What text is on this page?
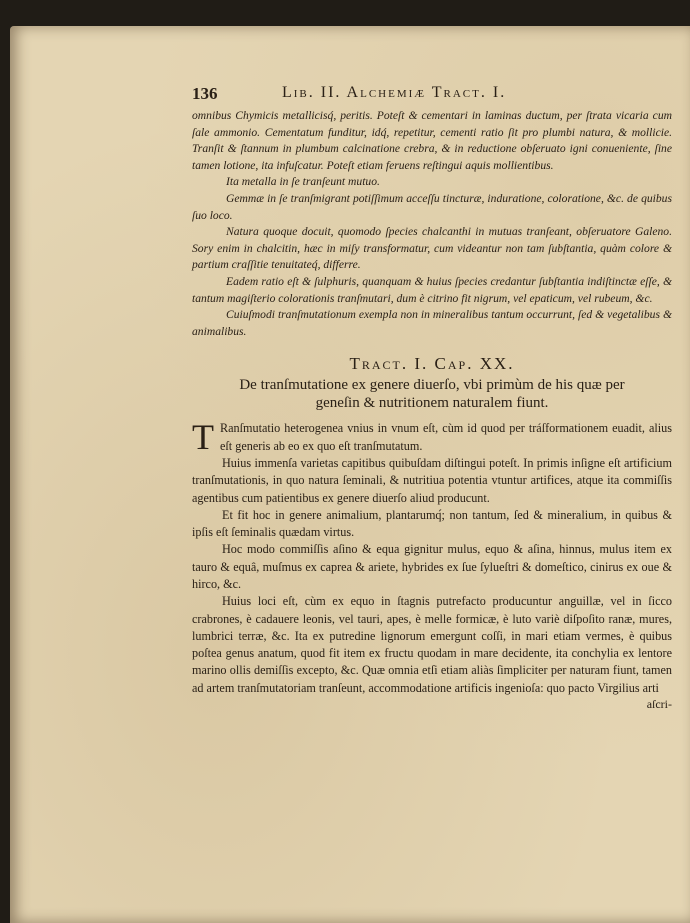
136	Lib. II. Alchemiæ Tract. I.

omnibus Chymicis metallicisq́, peritis. Poteſt & cementari in laminas ductum, per ſtrata vicaria cum ſale ammonio. Cementatum funditur, idq́, repetitur, cementi ratio ſit pro plumbi natura, & mollicie. Tranſit & ſtannum in plumbum calcinatione crebra, & in reductione obſeruato igni conueniente, ſine tamen lotione, ita infuſcatur. Poteſt etiam feruens reſtingui aquis mollientibus.

Ita metalla in ſe tranſeunt mutuo.

Gemmæ in ſe tranſmigrant potiſſimum acceſſu tincturæ, induratione, coloratione, &c. de quibus ſuo loco.

Natura quoque docuit, quomodo ſpecies chalcanthi in mutuas tranſeant, obſeruatore Galeno. Sory enim in chalcitin, hæc in miſy transformatur, cum videantur non tam ſubſtantia, quàm colore & partium craſſitie tenuitateq́, differre.

Eadem ratio eſt & ſulphuris, quanquam & huius ſpecies credantur ſubſtantia indiſtinctæ eſſe, & tantum magiſterio colorationis tranſmutari, dum è citrino fit nigrum, vel epaticum, vel rubeum, &c.

Cuiuſmodi tranſmutationum exempla non in mineralibus tantum occurrunt, ſed & vegetalibus & animalibus.

Tract. I. Cap. XX.
De tranſmutatione ex genere diuerſo, vbi primùm de his quæ per geneſin & nutritionem naturalem fiunt.

T Ranſmutatio heterogenea vnius in vnum eſt, cùm id quod per tráſformationem euadit, alius eſt generis ab eo ex quo eſt tranſmutatum.

Huius immenſa varietas capitibus quibuſdam diſtingui poteſt. In primis inſigne eſt artificium tranſmutationis, in quo natura ſeminali, & nutritiua potentia vtuntur artifices, atque ita commiſſis agentibus cum patientibus ex genere diuerſo aliud producunt.

Et fit hoc in genere animalium, plantarumq́; non tantum, ſed & mineralium, in quibus & ipſis eſt ſeminalis quædam virtus.

Hoc modo commiſſis aſino & equa gignitur mulus, equo & aſina, hinnus, mulus item ex tauro & equâ, muſmus ex caprea & ariete, hybrides ex ſue ſylueſtri & domeſtico, cinirus ex oue & hirco, &c.

Huius loci eſt, cùm ex equo in ſtagnis putrefacto producuntur anguillæ, vel in ſicco crabrones, è cadauere leonis, vel tauri, apes, è melle formicæ, è luto variè diſpoſito ranæ, mures, lumbrici terræ, &c. Ita ex putredine lignorum emergunt coſſi, in mari etiam vermes, è quibus poſtea genus anatum, quod fit item ex fructu quodam in mare decidente, ita conchylia ex lentore marino ollis demiſſis excepto, &c. Quæ omnia etſi etiam aliàs ſimpliciter per naturam fiunt, tamen ad artem tranſmutatoriam tranſeunt, accommodatione artificis ingenioſa: quo pacto Virgilius arti

aſcri-
